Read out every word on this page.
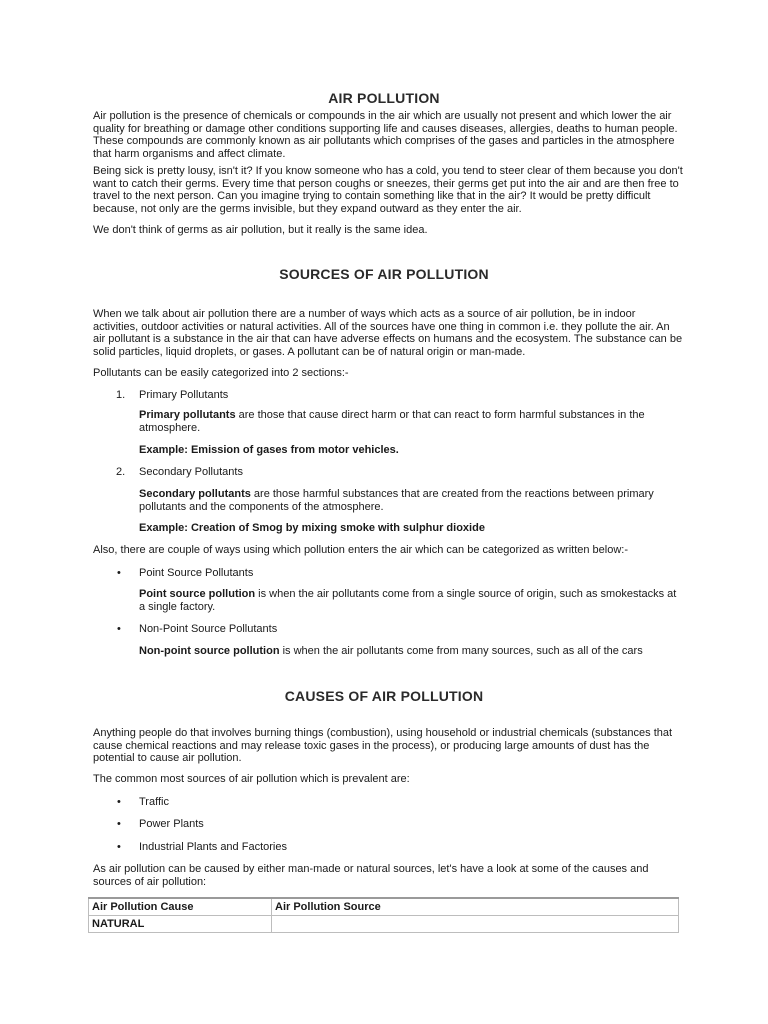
AIR POLLUTION

Air pollution is the presence of chemicals or compounds in the air which are usually not present and which lower the air quality for breathing or damage other conditions supporting life and causes diseases, allergies, deaths to human people. These compounds are commonly known as air pollutants which comprises of the gases and particles in the atmosphere that harm organisms and affect climate.

Being sick is pretty lousy, isn't it? If you know someone who has a cold, you tend to steer clear of them because you don't want to catch their germs. Every time that person coughs or sneezes, their germs get put into the air and are then free to travel to the next person. Can you imagine trying to contain something like that in the air? It would be pretty difficult because, not only are the germs invisible, but they expand outward as they enter the air.

We don't think of germs as air pollution, but it really is the same idea.

SOURCES OF AIR POLLUTION

When we talk about air pollution there are a number of ways which acts as a source of air pollution, be in indoor activities, outdoor activities or natural activities. All of the sources have one thing in common i.e. they pollute the air. An air pollutant is a substance in the air that can have adverse effects on humans and the ecosystem. The substance can be solid particles, liquid droplets, or gases. A pollutant can be of natural origin or man-made.

Pollutants can be easily categorized into 2 sections:-

1. Primary Pollutants

Primary pollutants are those that cause direct harm or that can react to form harmful substances in the atmosphere.

Example: Emission of gases from motor vehicles.

2. Secondary Pollutants

Secondary pollutants are those harmful substances that are created from the reactions between primary pollutants and the components of the atmosphere.

Example: Creation of Smog by mixing smoke with sulphur dioxide

Also, there are couple of ways using which pollution enters the air which can be categorized as written below:-

• Point Source Pollutants

Point source pollution is when the air pollutants come from a single source of origin, such as smokestacks at a single factory.

• Non-Point Source Pollutants

Non-point source pollution is when the air pollutants come from many sources, such as all of the cars

CAUSES OF AIR POLLUTION

Anything people do that involves burning things (combustion), using household or industrial chemicals (substances that cause chemical reactions and may release toxic gases in the process), or producing large amounts of dust has the potential to cause air pollution.

The common most sources of air pollution which is prevalent are:

• Traffic

• Power Plants

• Industrial Plants and Factories

As air pollution can be caused by either man-made or natural sources, let's have a look at some of the causes and sources of air pollution:

Air Pollution Cause	Air Pollution Source
NATURAL	
